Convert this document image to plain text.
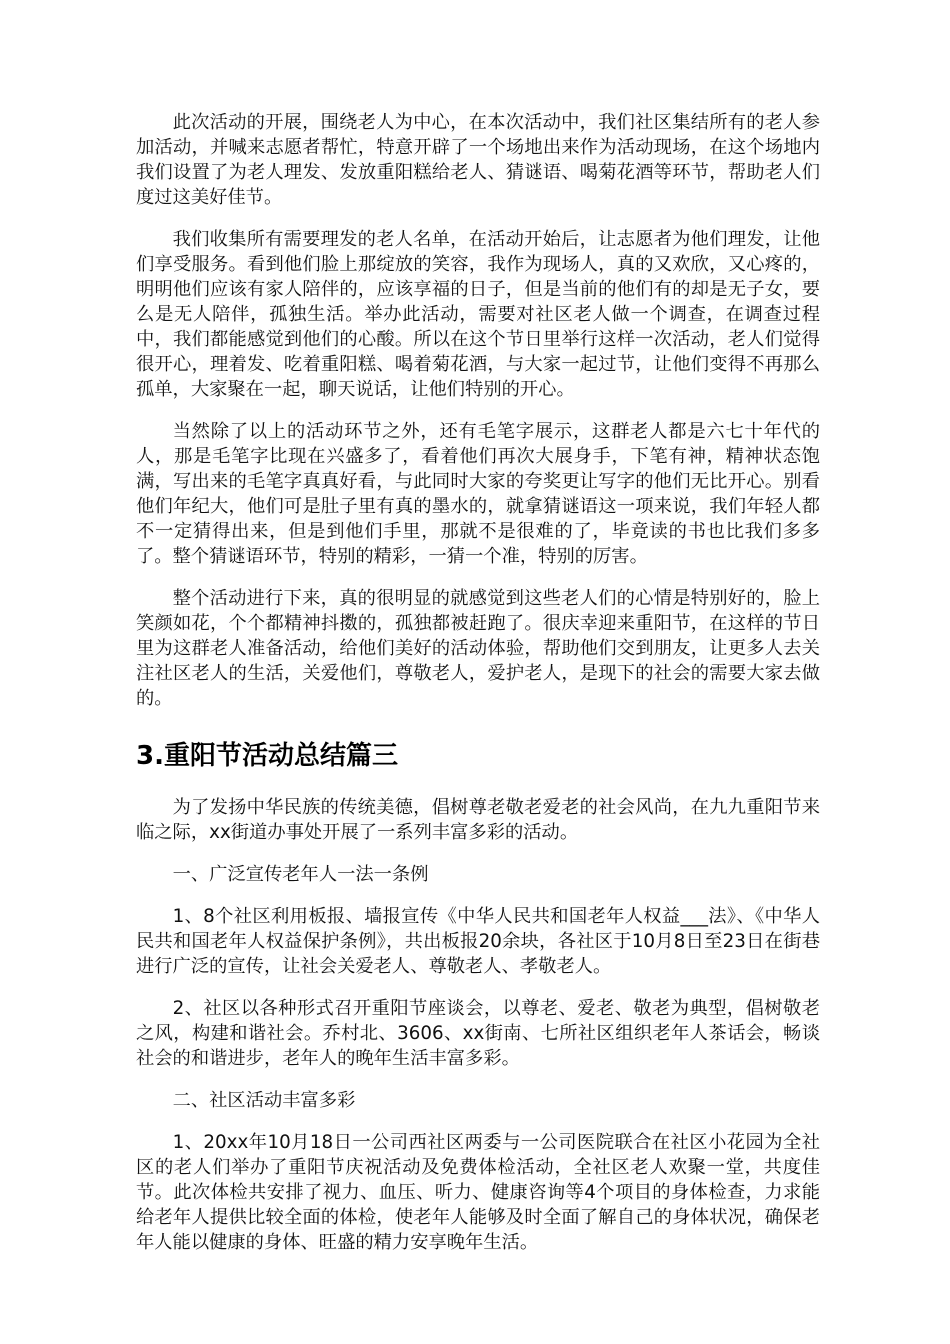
此次活动的开展，围绕老人为中心，在本次活动中，我们社区集结所有的老人参加活动，并喊来志愿者帮忙，特意开辟了一个场地出来作为活动现场，在这个场地内我们设置了为老人理发、发放重阳糕给老人、猜谜语、喝菊花酒等环节，帮助老人们度过这美好佳节。

我们收集所有需要理发的老人名单，在活动开始后，让志愿者为他们理发，让他们享受服务。看到他们脸上那绽放的笑容，我作为现场人，真的又欢欣，又心疼的，明明他们应该有家人陪伴的，应该享福的日子，但是当前的他们有的却是无子女，要么是无人陪伴，孤独生活。举办此活动，需要对社区老人做一个调查，在调查过程中，我们都能感觉到他们的心酸。所以在这个节日里举行这样一次活动，老人们觉得很开心，理着发、吃着重阳糕、喝着菊花酒，与大家一起过节，让他们变得不再那么孤单，大家聚在一起，聊天说话，让他们特别的开心。

当然除了以上的活动环节之外，还有毛笔字展示，这群老人都是六七十年代的人，那是毛笔字比现在兴盛多了，看着他们再次大展身手，下笔有神，精神状态饱满，写出来的毛笔字真真好看，与此同时大家的夸奖更让写字的他们无比开心。别看他们年纪大，他们可是肚子里有真的墨水的，就拿猜谜语这一项来说，我们年轻人都不一定猜得出来，但是到他们手里，那就不是很难的了，毕竟读的书也比我们多多了。整个猜谜语环节，特别的精彩，一猜一个准，特别的厉害。

整个活动进行下来，真的很明显的就感觉到这些老人们的心情是特别好的，脸上笑颜如花，个个都精神抖擞的，孤独都被赶跑了。很庆幸迎来重阳节，在这样的节日里为这群老人准备活动，给他们美好的活动体验，帮助他们交到朋友，让更多人去关注社区老人的生活，关爱他们，尊敬老人，爱护老人，是现下的社会的需要大家去做的。

3.重阳节活动总结篇三

为了发扬中华民族的传统美德，倡树尊老敬老爱老的社会风尚，在九九重阳节来临之际，xx街道办事处开展了一系列丰富多彩的活动。

一、广泛宣传老年人一法一条例

1、8个社区利用板报、墙报宣传《中华人民共和国老年人权益___法》、《中华人民共和国老年人权益保护条例》，共出板报20余块，各社区于10月8日至23日在街巷进行广泛的宣传，让社会关爱老人、尊敬老人、孝敬老人。

2、社区以各种形式召开重阳节座谈会，以尊老、爱老、敬老为典型，倡树敬老之风，构建和谐社会。乔村北、3606、xx街南、七所社区组织老年人茶话会，畅谈社会的和谐进步，老年人的晚年生活丰富多彩。

二、社区活动丰富多彩

1、20xx年10月18日一公司西社区两委与一公司医院联合在社区小花园为全社区的老人们举办了重阳节庆祝活动及免费体检活动，全社区老人欢聚一堂，共度佳节。此次体检共安排了视力、血压、听力、健康咨询等4个项目的身体检查，力求能给老年人提供比较全面的体检，使老年人能够及时全面了解自己的身体状况，确保老年人能以健康的身体、旺盛的精力安享晚年生活。
